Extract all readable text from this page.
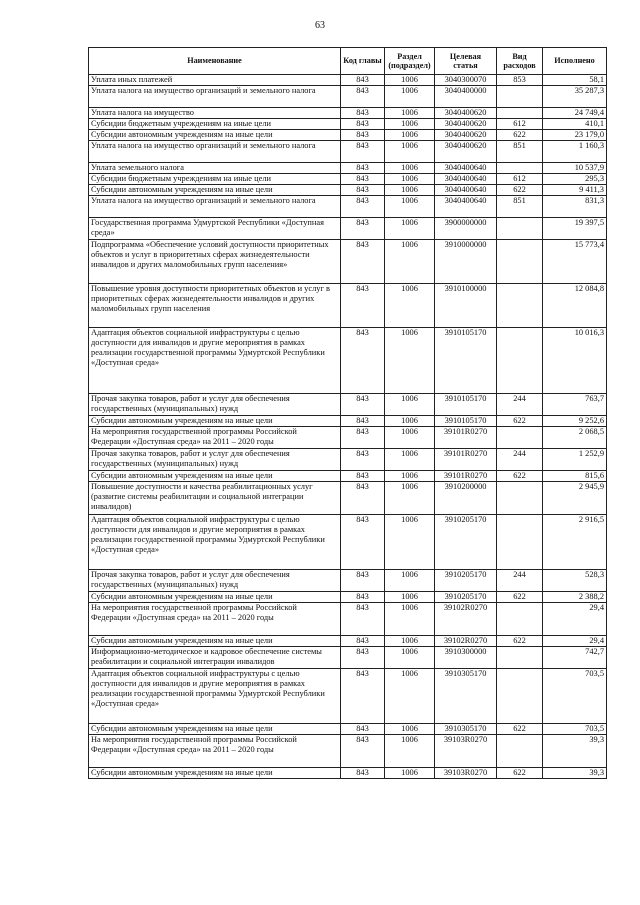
63
Наименование	Код главы	Раздел (подраздел)	Целевая статья	Вид расходов	Исполнено
Уплата иных платежей	843	1006	3040300070	853	58,1
Уплата налога на имущество организаций и земельного налога	843	1006	3040400000		35 287,3
Уплата налога на имущество	843	1006	3040400620		24 749,4
Субсидии бюджетным учреждениям на иные цели	843	1006	3040400620	612	410,1
Субсидии автономным учреждениям на иные цели	843	1006	3040400620	622	23 179,0
Уплата налога на имущество организаций и земельного налога	843	1006	3040400620	851	1 160,3
Уплата земельного налога	843	1006	3040400640		10 537,9
Субсидии бюджетным учреждениям на иные цели	843	1006	3040400640	612	295,3
Субсидии автономным учреждениям на иные цели	843	1006	3040400640	622	9 411,3
Уплата налога на имущество организаций и земельного налога	843	1006	3040400640	851	831,3
Государственная программа Удмуртской Республики «Доступная среда»	843	1006	3900000000		19 397,5
Подпрограмма «Обеспечение условий доступности приоритетных объектов и услуг в приоритетных сферах жизнедеятельности инвалидов и других маломобильных групп населения»	843	1006	3910000000		15 773,4
Повышение уровня доступности приоритетных объектов и услуг в приоритетных сферах жизнедеятельности инвалидов и других маломобильных групп населения	843	1006	3910100000		12 084,8
Адаптация объектов социальной инфраструктуры с целью доступности для инвалидов и другие мероприятия в рамках реализации государственной программы Удмуртской Республики «Доступная среда»	843	1006	3910105170		10 016,3
Прочая закупка товаров, работ и услуг для обеспечения государственных (муниципальных) нужд	843	1006	3910105170	244	763,7
Субсидии автономным учреждениям на иные цели	843	1006	3910105170	622	9 252,6
На мероприятия государственной программы Российской Федерации «Доступная среда» на 2011 – 2020 годы	843	1006	39101R0270		2 068,5
Прочая закупка товаров, работ и услуг для обеспечения государственных (муниципальных) нужд	843	1006	39101R0270	244	1 252,9
Субсидии автономным учреждениям на иные цели	843	1006	39101R0270	622	815,6
Повышение доступности и качества реабилитационных услуг (развитие системы реабилитации и социальной интеграции инвалидов)	843	1006	3910200000		2 945,9
Адаптация объектов социальной инфраструктуры с целью доступности для инвалидов и другие мероприятия в рамках реализации государственной программы Удмуртской Республики «Доступная среда»	843	1006	3910205170		2 916,5
Прочая закупка товаров, работ и услуг для обеспечения государственных (муниципальных) нужд	843	1006	3910205170	244	528,3
Субсидии автономным учреждениям на иные цели	843	1006	3910205170	622	2 388,2
На мероприятия государственной программы Российской Федерации «Доступная среда» на 2011 – 2020 годы	843	1006	39102R0270		29,4
Субсидии автономным учреждениям на иные цели	843	1006	39102R0270	622	29,4
Информационно-методическое и кадровое обеспечение системы реабилитации и социальной интеграции инвалидов	843	1006	3910300000		742,7
Адаптация объектов социальной инфраструктуры с целью доступности для инвалидов и другие мероприятия в рамках реализации государственной программы Удмуртской Республики «Доступная среда»	843	1006	3910305170		703,5
Субсидии автономным учреждениям на иные цели	843	1006	3910305170	622	703,5
На мероприятия государственной программы Российской Федерации «Доступная среда» на 2011 – 2020 годы	843	1006	39103R0270		39,3
Субсидии автономным учреждениям на иные цели	843	1006	39103R0270	622	39,3
